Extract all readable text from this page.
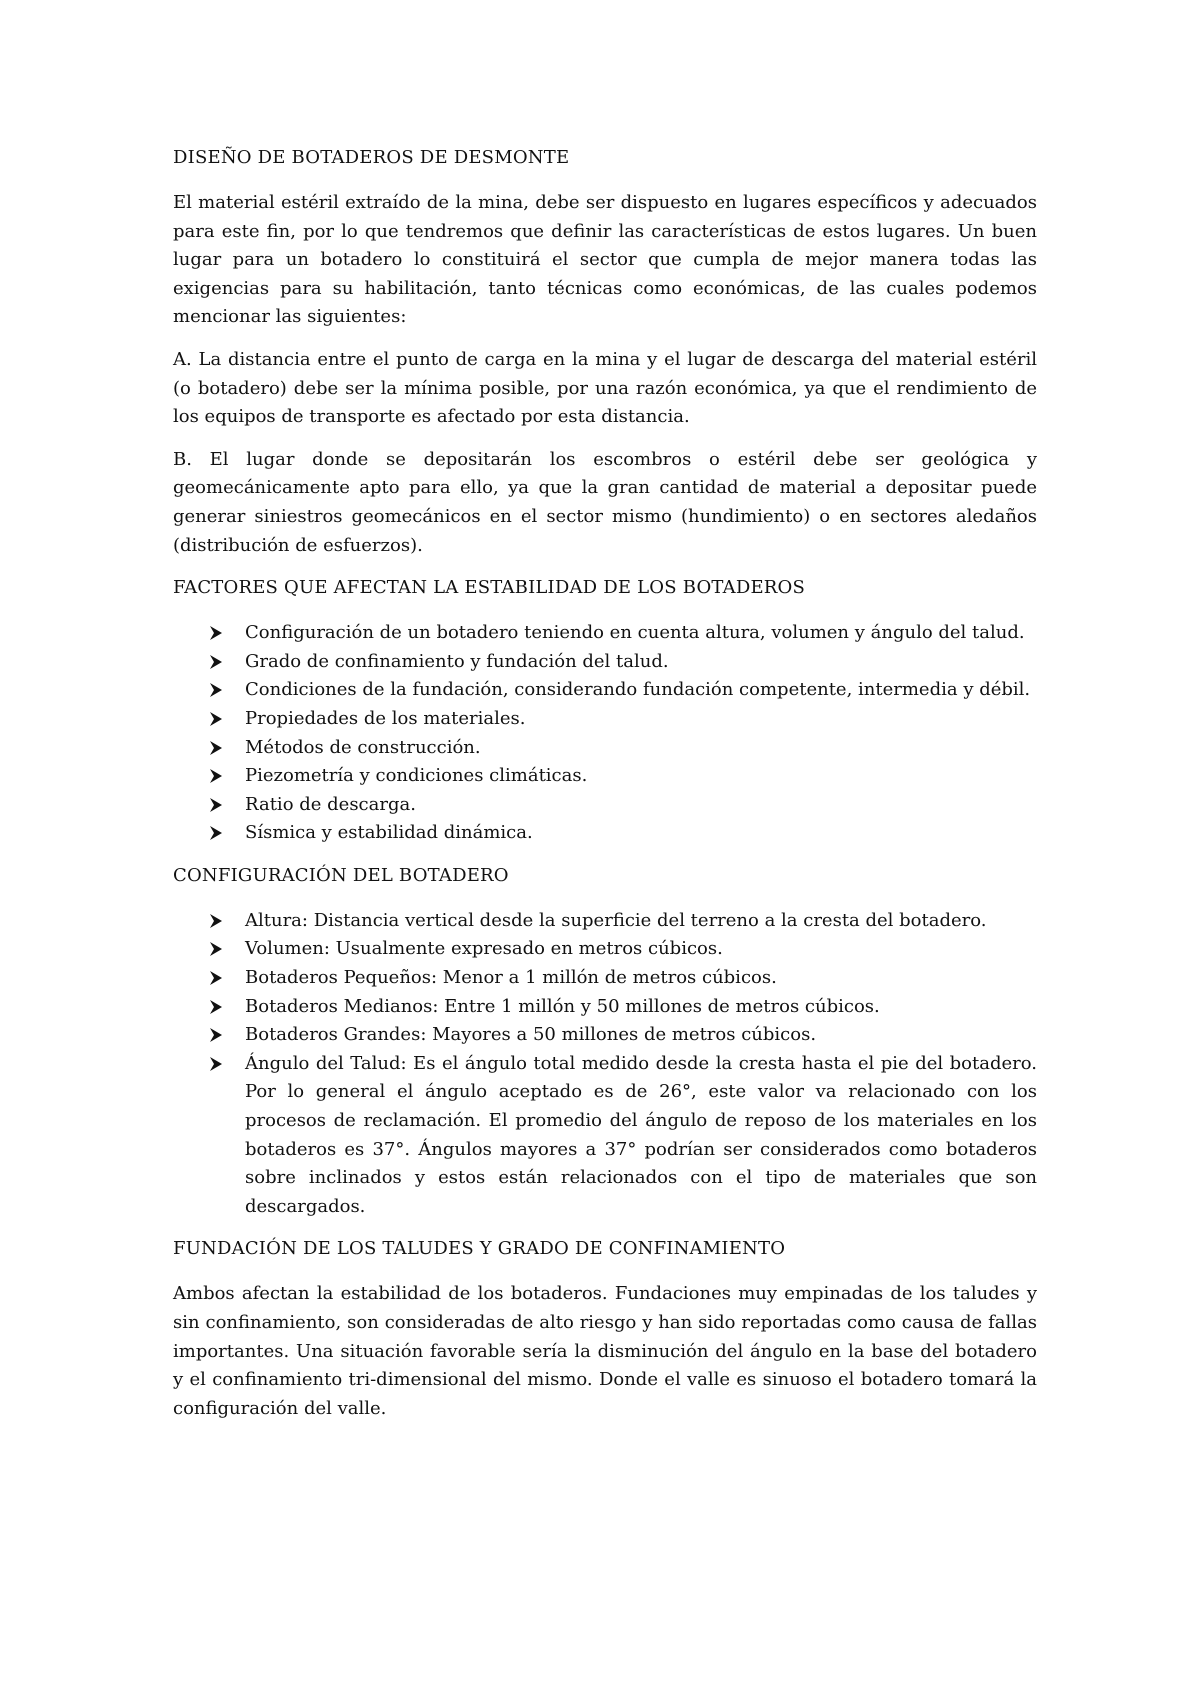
DISEÑO DE BOTADEROS DE DESMONTE

El material estéril extraído de la mina, debe ser dispuesto en lugares específicos y adecuados para este fin, por lo que tendremos que definir las características de estos lugares. Un buen lugar para un botadero lo constituirá el sector que cumpla de mejor manera todas las exigencias para su habilitación, tanto técnicas como económicas, de las cuales podemos mencionar las siguientes:

A. La distancia entre el punto de carga en la mina y el lugar de descarga del material estéril (o botadero) debe ser la mínima posible, por una razón económica, ya que el rendimiento de los equipos de transporte es afectado por esta distancia.

B. El lugar donde se depositarán los escombros o estéril debe ser geológica y geomecánicamente apto para ello, ya que la gran cantidad de material a depositar puede generar siniestros geomecánicos en el sector mismo (hundimiento) o en sectores aledaños (distribución de esfuerzos).

FACTORES QUE AFECTAN LA ESTABILIDAD DE LOS BOTADEROS
Configuración de un botadero teniendo en cuenta altura, volumen y ángulo del talud.
Grado de confinamiento y fundación del talud.
Condiciones de la fundación, considerando fundación competente, intermedia y débil.
Propiedades de los materiales.
Métodos de construcción.
Piezometría y condiciones climáticas.
Ratio de descarga.
Sísmica y estabilidad dinámica.
CONFIGURACIÓN DEL BOTADERO
Altura: Distancia vertical desde la superficie del terreno a la cresta del botadero.
Volumen: Usualmente expresado en metros cúbicos.
Botaderos Pequeños: Menor a 1 millón de metros cúbicos.
Botaderos Medianos: Entre 1 millón y 50 millones de metros cúbicos.
Botaderos Grandes: Mayores a 50 millones de metros cúbicos.
Ángulo del Talud: Es el ángulo total medido desde la cresta hasta el pie del botadero. Por lo general el ángulo aceptado es de 26°, este valor va relacionado con los procesos de reclamación. El promedio del ángulo de reposo de los materiales en los botaderos es 37°. Ángulos mayores a 37° podrían ser considerados como botaderos sobre inclinados y estos están relacionados con el tipo de materiales que son descargados.
FUNDACIÓN DE LOS TALUDES Y GRADO DE CONFINAMIENTO

Ambos afectan la estabilidad de los botaderos. Fundaciones muy empinadas de los taludes y sin confinamiento, son consideradas de alto riesgo y han sido reportadas como causa de fallas importantes. Una situación favorable sería la disminución del ángulo en la base del botadero y el confinamiento tri-dimensional del mismo. Donde el valle es sinuoso el botadero tomará la configuración del valle.
